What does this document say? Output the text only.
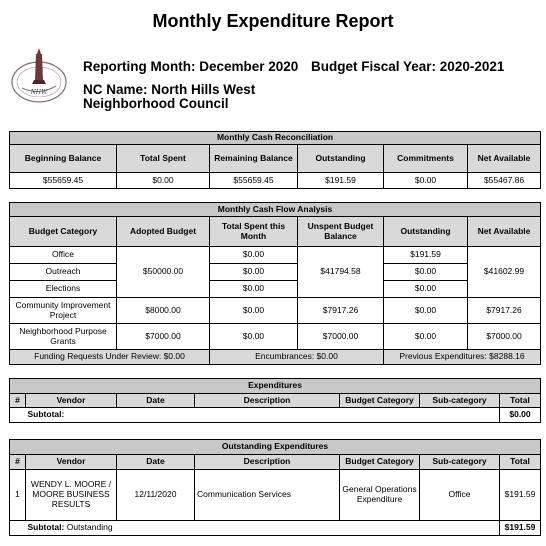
Monthly Expenditure Report
NHW
Reporting Month: December 2020 Budget Fiscal Year: 2020-2021
NC Name: North Hills West
Neighborhood Council
Monthly Cash Reconciliation					
Beginning Balance	Total Spent	Remaining Balance	Outstanding	Commitments	Net Available
$55659.45	$0.00	$55659.45	$191.59	$0.00	$55467.86
Monthly Cash Flow Analysis					
Budget Category	Adopted Budget	Total Spent this Month	Unspent Budget Balance	Outstanding	Net Available
Office	$50000.00	$0.00	$41794.58	$191.59	$41602.99
Outreach		$0.00		$0.00	
Elections		$0.00		$0.00	
Community Improvement Project	$8000.00	$0.00	$7917.26	$0.00	$7917.26
Neighborhood Purpose Grants	$7000.00	$0.00	$7000.00	$0.00	$7000.00
Funding Requests Under Review: $0.00		Encumbrances: $0.00		Previous Expenditures: $8288.16	
Expenditures						
#	Vendor	Date	Description	Budget Category	Sub-category	Total
	Subtotal:					$0.00
Outstanding Expenditures						
#	Vendor	Date	Description	Budget Category	Sub-category	Total
1	WENDY L. MOORE / MOORE BUSINESS RESULTS	12/11/2020	Communication Services	General Operations Expenditure	Office	$191.59
	Subtotal: Outstanding					$191.59
